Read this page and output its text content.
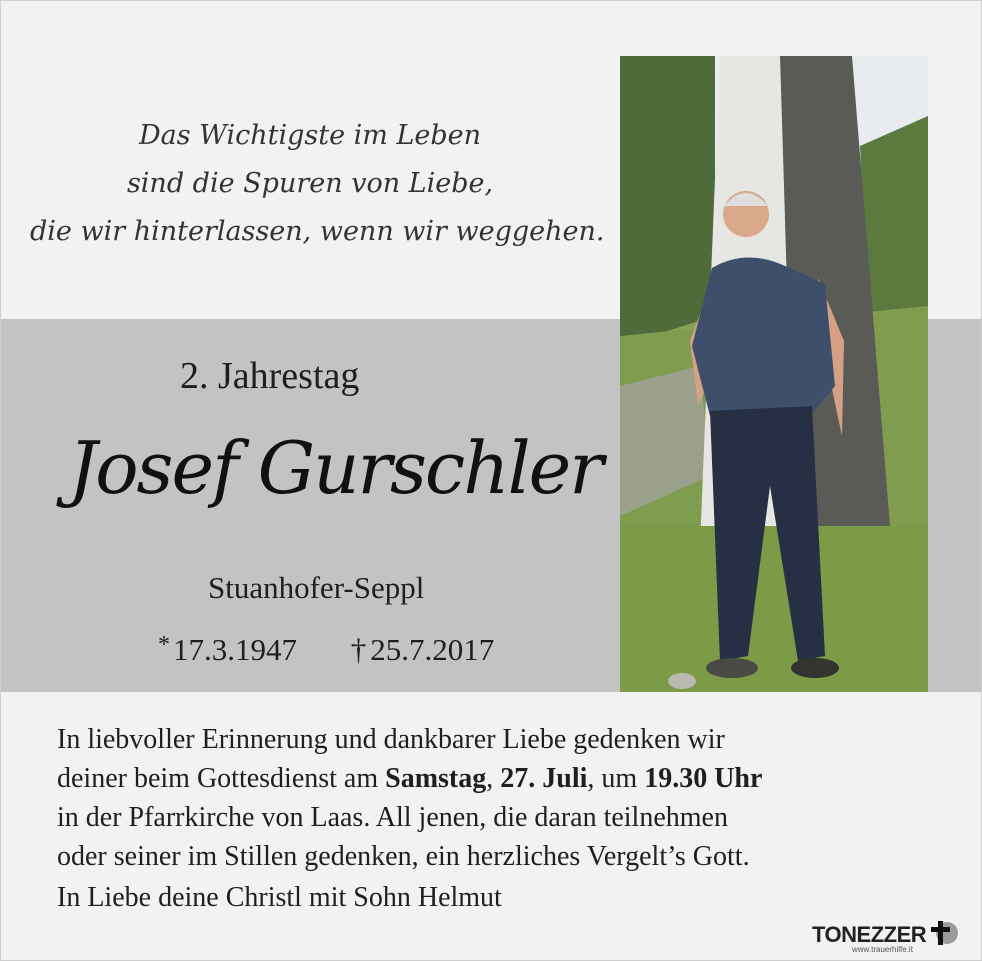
Das Wichtigste im Leben
sind die Spuren von Liebe,
die wir hinterlassen, wenn wir weggehen.
2. Jahrestag
Josef Gurschler
Stuanhofer-Seppl
*17.3.1947 † 25.7.2017

In liebvoller Erinnerung und dankbarer Liebe gedenken wir

deiner beim Gottesdienst am Samstag, 27. Juli, um 19.30 Uhr

in der Pfarrkirche von Laas. All jenen, die daran teilnehmen

oder seiner im Stillen gedenken, ein herzliches Vergelt’s Gott.

In Liebe deine Christl mit Sohn Helmut
TONEZZER
www.trauerhilfe.it
